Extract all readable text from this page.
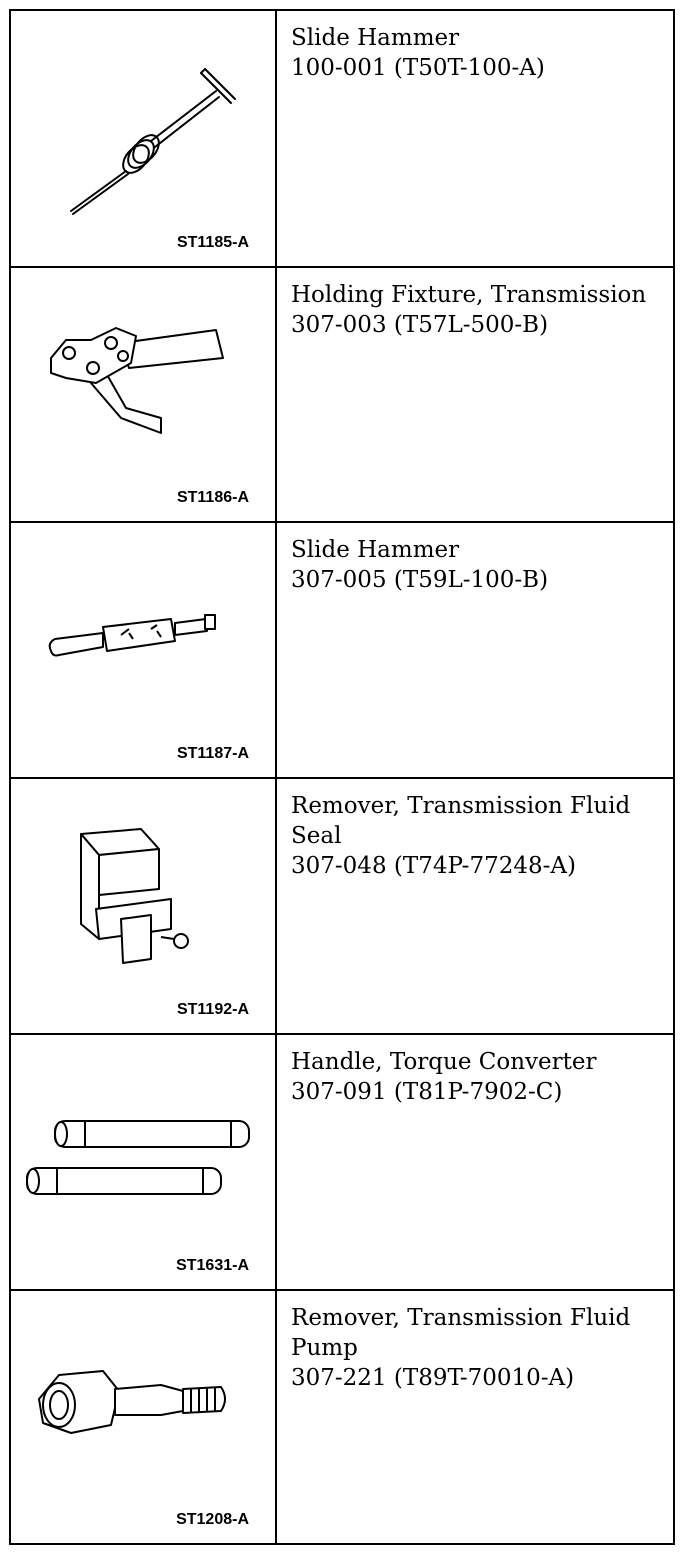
ST1185-A
Slide Hammer
100-001 (T50T-100-A)
ST1186-A
Holding Fixture, Transmission
307-003 (T57L-500-B)
ST1187-A
Slide Hammer
307-005 (T59L-100-B)
ST1192-A
Remover, Transmission Fluid Seal
307-048 (T74P-77248-A)
ST1631-A
Handle, Torque Converter
307-091 (T81P-7902-C)
ST1208-A
Remover, Transmission Fluid Pump
307-221 (T89T-70010-A)
